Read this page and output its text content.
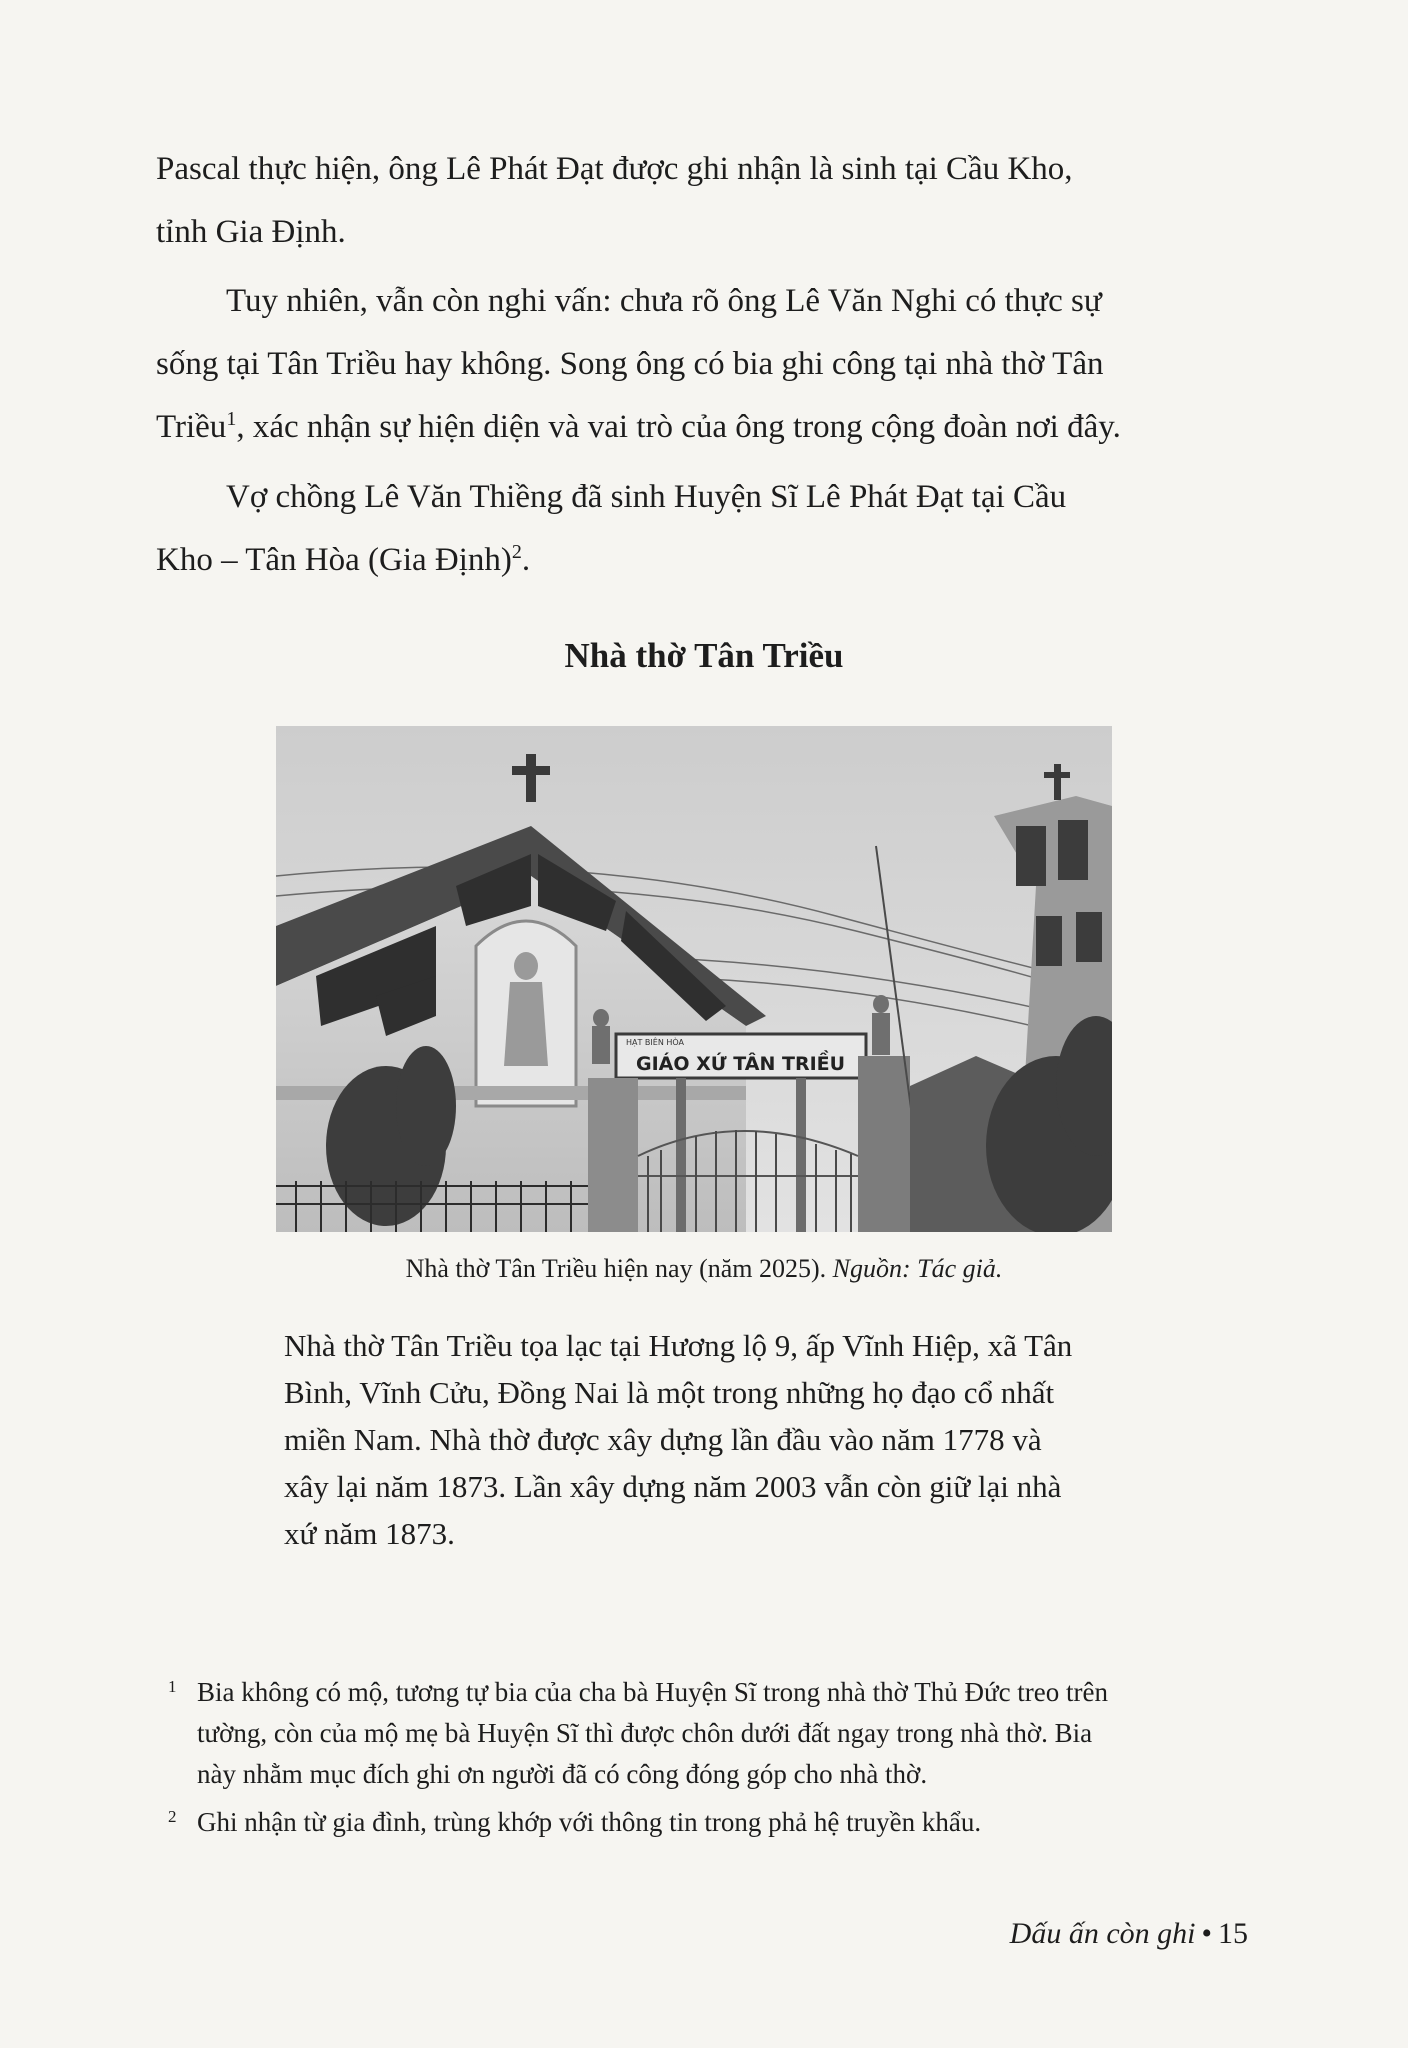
Pascal thực hiện, ông Lê Phát Đạt được ghi nhận là sinh tại Cầu Kho,
tỉnh Gia Định.
Tuy nhiên, vẫn còn nghi vấn: chưa rõ ông Lê Văn Nghi có thực sự
sống tại Tân Triều hay không. Song ông có bia ghi công tại nhà thờ Tân
Triều$^1$, xác nhận sự hiện diện và vai trò của ông trong cộng đoàn nơi đây.
Vợ chồng Lê Văn Thiềng đã sinh Huyện Sĩ Lê Phát Đạt tại Cầu
Kho – Tân Hòa (Gia Định)$^2$.
Nhà thờ Tân Triều
HẠT BIÊN HÒA
GIÁO XỨ TÂN TRIỀU
Nhà thờ Tân Triều hiện nay (năm 2025). Nguồn: Tác giả.
Nhà thờ Tân Triều tọa lạc tại Hương lộ 9, ấp Vĩnh Hiệp, xã Tân
Bình, Vĩnh Cửu, Đồng Nai là một trong những họ đạo cổ nhất
miền Nam. Nhà thờ được xây dựng lần đầu vào năm 1778 và
xây lại năm 1873. Lần xây dựng năm 2003 vẫn còn giữ lại nhà
xứ năm 1873.
1 Bia không có mộ, tương tự bia của cha bà Huyện Sĩ trong nhà thờ Thủ Đức treo trên
tường, còn của mộ mẹ bà Huyện Sĩ thì được chôn dưới đất ngay trong nhà thờ. Bia
này nhằm mục đích ghi ơn người đã có công đóng góp cho nhà thờ.
2 Ghi nhận từ gia đình, trùng khớp với thông tin trong phả hệ truyền khẩu.
Dấu ấn còn ghi • 15
